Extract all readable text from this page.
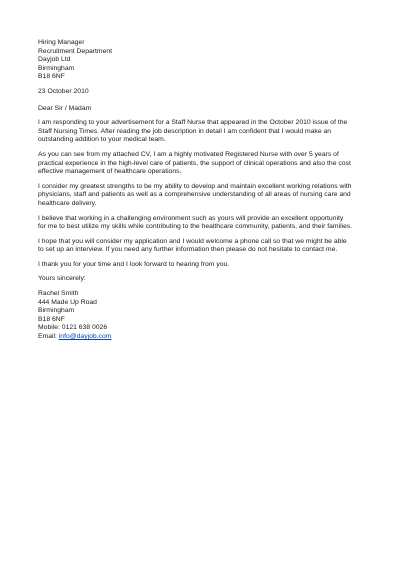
Hiring Manager
Recruitment Department
Dayjob Ltd
Birmingham
B18 6NF
23 October 2010
Dear Sir / Madam
I am responding to your advertisement for a Staff Nurse that appeared in the October 2010 issue of the
Staff Nursing Times. After reading the job description in detail I am confident that I would make an
outstanding addition to your medical team.
As you can see from my attached CV, I am a highly motivated Registered Nurse with over 5 years of
practical experience in the high-level care of patients, the support of clinical operations and also the cost
effective management of healthcare operations.
I consider my greatest strengths to be my ability to develop and maintain excellent working relations with
physicians, staff and patients as well as a comprehensive understanding of all areas of nursing care and
healthcare delivery.
I believe that working in a challenging environment such as yours will provide an excellent opportunity
for me to best utilize my skills while contributing to the healthcare community, patients, and their families.
I hope that you will consider my application and I would welcome a phone call so that we might be able
to set up an interview. If you need any further information then please do not hesitate to contact me.
I thank you for your time and I look forward to hearing from you.
Yours sincerely:
Rachel Smith
444 Made Up Road
Birmingham
B18 6NF
Mobile: 0121 638 0026
Email: info@dayjob.com
